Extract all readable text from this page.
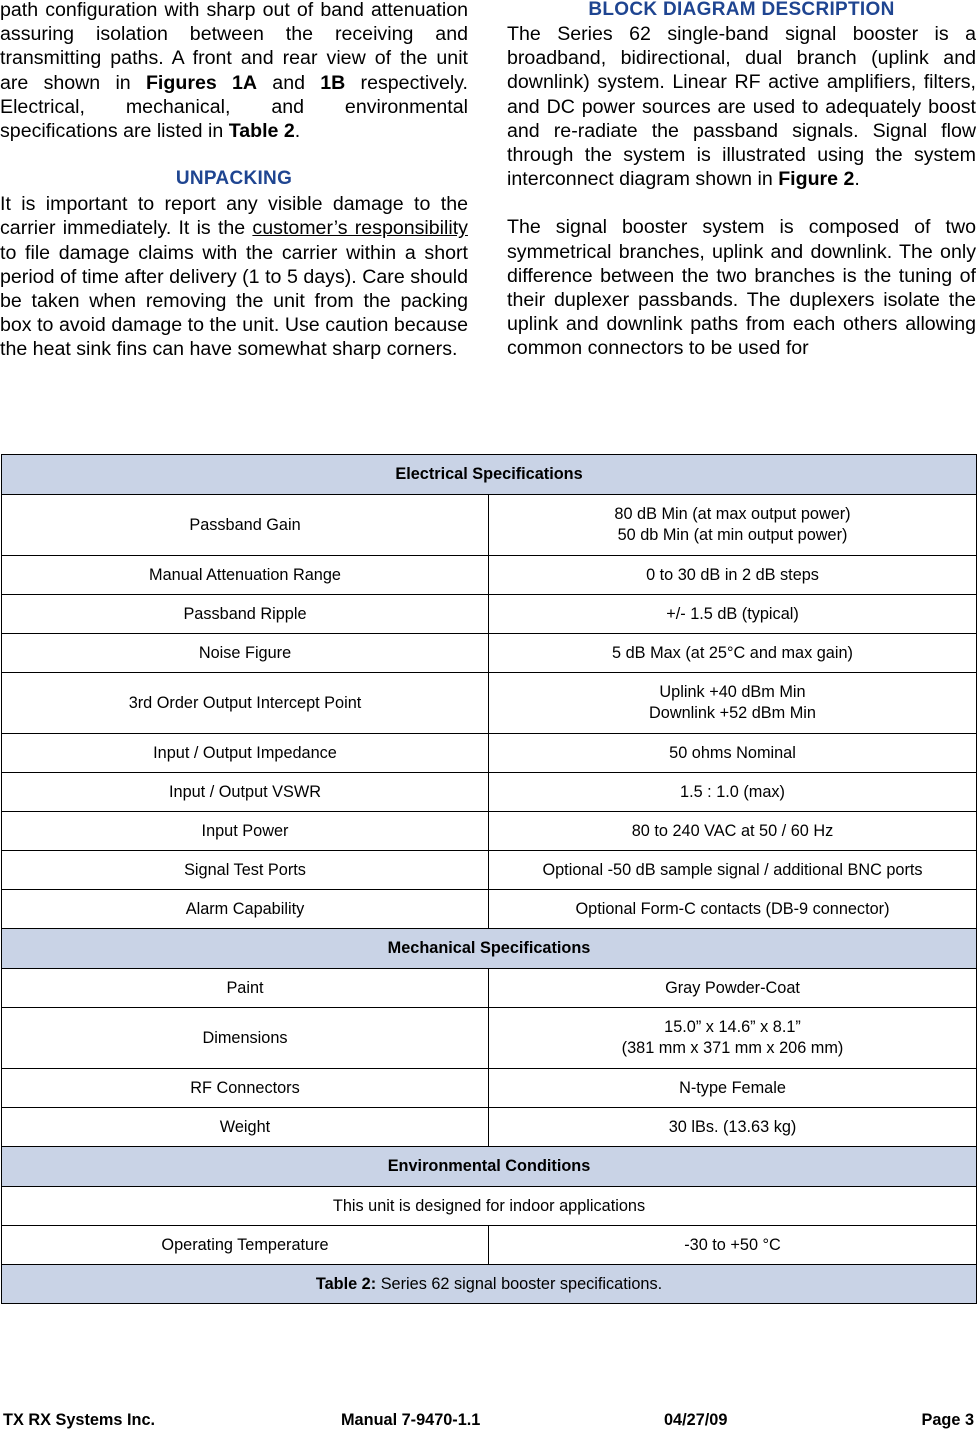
path configuration with sharp out of band attenuation assuring isolation between the receiving and transmitting paths. A front and rear view of the unit are shown in Figures 1A and 1B respectively. Electrical, mechanical, and environmental specifications are listed in Table 2.

UNPACKING

It is important to report any visible damage to the carrier immediately. It is the customer’s responsibility to file damage claims with the carrier within a short period of time after delivery (1 to 5 days). Care should be taken when removing the unit from the packing box to avoid damage to the unit. Use caution because the heat sink fins can have somewhat sharp corners.

BLOCK DIAGRAM DESCRIPTION

The Series 62 single-band signal booster is a broadband, bidirectional, dual branch (uplink and downlink) system. Linear RF active amplifiers, filters, and DC power sources are used to adequately boost and re-radiate the passband signals. Signal flow through the system is illustrated using the system interconnect diagram shown in Figure 2.

The signal booster system is composed of two symmetrical branches, uplink and downlink. The only difference between the two branches is the tuning of their duplexer passbands. The duplexers isolate the uplink and downlink paths from each others allowing common connectors to be used for

Electrical Specifications	
Passband Gain	80 dB Min (at max output power)
50 db Min (at min output power)

Manual Attenuation Range	0 to 30 dB in 2 dB steps
Passband Ripple	+/- 1.5 dB (typical)
Noise Figure	5 dB Max (at 25°C and max gain)
3rd Order Output Intercept Point	Uplink +40 dBm Min
Downlink +52 dBm Min

Input / Output Impedance	50 ohms Nominal
Input / Output VSWR	1.5 : 1.0 (max)
Input Power	80 to 240 VAC at 50 / 60 Hz
Signal Test Ports	Optional -50 dB sample signal / additional BNC ports
Alarm Capability	Optional Form-C contacts (DB-9 connector)
Mechanical Specifications	
Paint	Gray Powder-Coat
Dimensions	15.0” x 14.6” x 8.1”
(381 mm x 371 mm x 206 mm)

RF Connectors	N-type Female
Weight	30 lBs. (13.63 kg)
Environmental Conditions	
This unit is designed for indoor applications	
Operating Temperature	-30 to +50 °C
Table 2: Series 62 signal booster specifications.	
TX RX Systems Inc.	Manual 7-9470-1.1	04/27/09	Page 3
